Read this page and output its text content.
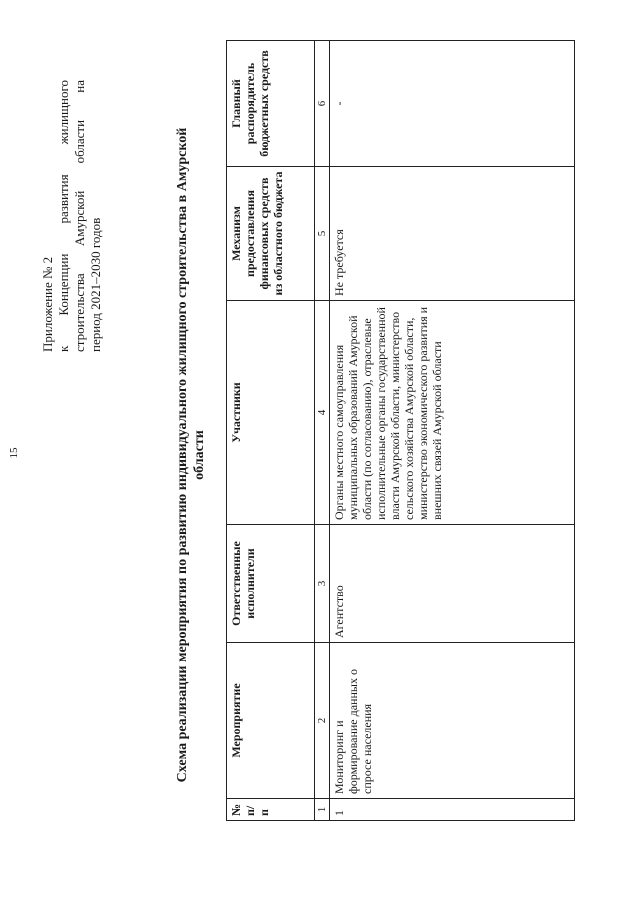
15
Приложение № 2 к Концепции развития жилищного строительства Амурской области на период 2021–2030 годов	Схема реализации мероприятия по развитию индивидуального жилищного строительства в Амурской области
№ п/п	Мероприятие	Ответственные исполнители	Участники	Механизм предоставления финансовых средств из областного бюджета	Главный распорядитель бюджетных средств
1	2	3	4	5	6
1	Мониторинг и формирование данных о спросе населения	Агентство	Органы местного самоуправления муниципальных образований Амурской области (по согласованию), отраслевые исполнительные органы государственной власти Амурской области, министерство сельского хозяйства Амурской области, министерство экономического развития и внешних связей Амурской области	Не требуется	-
